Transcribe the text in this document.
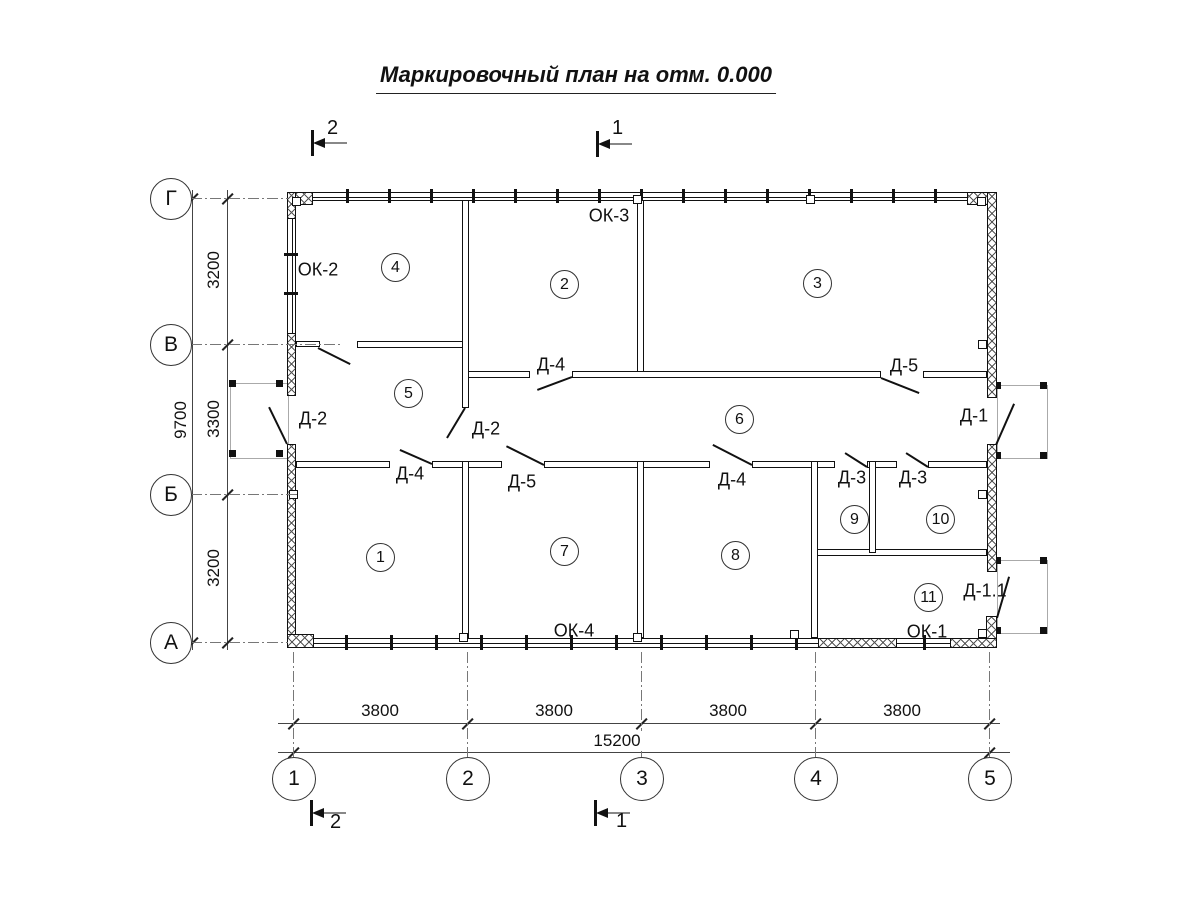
Маркировочный план на отм. 0.000
Г
В
Б
А
1	2	3	4	5
3200
3300
3200
9700
3800	3800	3800	3800
15200
1
2	3
4
5
6
7	8
9	10
11
ОК-2
ОК-3
ОК-4	ОК-1
Д-2	Д-2
Д-4	Д-5
Д-1
Д-4	Д-5	Д-4	Д-3 Д-3
Д-1.1
2	1
2	1
